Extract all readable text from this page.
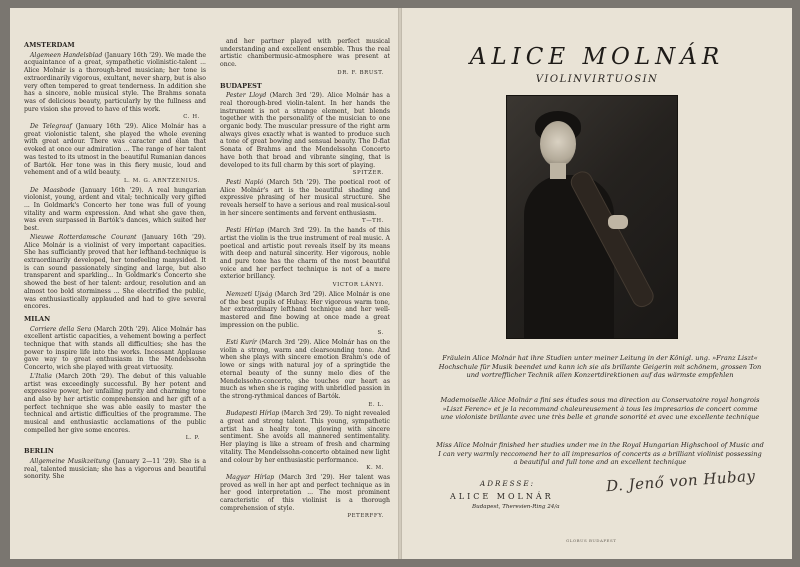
AMSTERDAM
Algemeen Handelsblad (January 16th '29). We made the acquaintance of a great, sympathetic violinistic-talent ... Alice Molnár is a thorough-bred musician; her tone is extraordinarily vigorous, exultant, never sharp, but is also very often tempered to great tenderness. In addition she has a sincere, noble musical style. The Brahms sonata was of delicious beauty, particularly by the fullness and pure vision she proved to have of this work.
C. H.
De Telegraaf (January 16th '29). Alice Molnár has a great violonistic talent, she played the whole evening with great ardour. There was caracter and élan that evoked at once our admiration ... The range of her talent was tested to its utmost in the beautiful Rumanian dances of Bartók. Her tone was in this fiery music, loud and vehement and of a wild beauty.
L. M. G. ARNTZENIUS.
De Maasbode (January 16th '29). A real hungarian violonist, young, ardent and vital; technically very gifted ... In Goldmark's Concerto her tone was full of young vitality and warm expression. And what she gave then, was even surpassed in Bartók's dances, which suited her best.
Nieuwe Rotterdamsche Courant (January 16th '29). Alice Molnár is a violinist of very important capacities. She has sufficiantly proved that her lefthand-technique is extraordinarily developed, her tonefeeling manysided. It is can sound passionately singing and large, but also transparent and sparkling... In Goldmark's Concerto she showed the best of her talent: ardour, resolution and an almost too bold storminess ... She electrified the public, was enthusiastically applauded and had to give several encores.
MILAN
Corriere della Sera (March 20th '29). Alice Molnár has excellent artistic capacities, a vehement bowing a perfect technique that with stands all difficulties; she has the power to inspire life into the works. Incessant Applause gave way to great enthusiasm in the Mendelssohn Concerto, wich she played with great virtuosity.
L'Italia (March 20th '29). The debut of this valuable artist was exceedingly successful. By her potent and expressive power, her unfailing purity and charming tone and also by her artistic comprehension and her gift of a perfect technique she was able easily to master the technical and artistic difficulties of the programme. The musical and enthusiastic acclamations of the public compelled her give some encores.
L. P.
BERLIN
Allgemeine Musikzeitung (January 2—11 '29). She is a real, talented musician; she has a vigorous and beautiful sonority. She
and her partner played with perfect musical understanding and excellent ensemble. Thus the real artistic chambermusic-atmosphere was present at once.
DR. F. BRUST.
BUDAPEST
Pester Lloyd (March 3rd '29). Alice Molnár has a real thorough-bred violin-talent. In her hands the instrument is not a strange element, but blends together with the personality of the musician to one organic body. The muscular pressure of the right arm always gives exactly what is wanted to produce such a tone of great bowing and sensual beauty. The D-flat Sonata of Brahms and the Mendelssohn Concerto have both that broad and vibrante singing, that is developed to its full charm by this sort of playing.
SPITZER.
Pesti Napló (March 5th '29). The poetical root of Alice Molnár's art is the beautiful shading and expressive phrasing of her musical structure. She reveals herself to have a serious and real musical-soul in her sincere sentiments and fervent enthusiasm.
T—TH.
Pesti Hírlap (March 3rd '29). In the hands of this artist the violin is the true instrument of real music. A poetical and artistic pout reveals itself by its means with deep and natural sincerity. Her vigorous, noble and pure tone has the charm of the most beautiful voice and her perfect technique is not of a mere exterior brillancy.
VICTOR LÁNYI.
Nemzeti Ujság (March 3rd '29). Alice Molnár is one of the best pupils of Hubay. Her vigorous warm tone, her extraordinary lefthand technique and her well-mastered and fine bowing at once made a great impression on the public.
S.
Esti Kurír (March 3rd '29). Alice Molnár has on the violin a strong, warm and clearsounding tone. And when she plays with sincere emotion Brahm's ode of lowe or sings with natural joy of a springtide the eternal beauty of the sunny melo dies of the Mendelssohn-concerto, she touches our heart as much as when she is raging with unbridled passion in the strong-rythmical dances of Bartók.
E. L.
Budapesti Hírlap (March 3rd '29). To night revealed a great and strong talent. This young, sympathetic artist has a healty tone, glowing with sincere sentiment. She avoids all mannered sentimentality. Her playing is like a stream of fresh and charming vitality. The Mendelssohn-concerto obtained new light and colour by her enthusiastic performance.
K. M.
Magyar Hírlap (March 3rd '29). Her talent was proved as well in her apt and perfect technique as in her good interpretation ... The most prominent caracteristic of this violinist is a thorough comprehension of style.
PETERFFY.
ALICE MOLNÁR
VIOLINVIRTUOSIN
Fräulein Alice Molnár hat ihre Studien unter meiner Leitung in der Königl. ung. »Franz Liszt« Hochschule für Musik beendet und kann ich sie als brillante Geigerin mit schönem, grossen Ton und vortrefflicher Technik allen Konzertdirektionen auf das wärmste empfehlen
Mademoiselle Alice Molnár a fini ses études sous ma direction au Conservatoire royal hongrois »Liszt Ferenc« et je la recommand chaleureusement à tous les impresarios de concert comme une violoniste brillante avec une très belle et grande sonorité et avec une excellente technique
Miss Alice Molnár finished her studies under me in the Royal Hungarian Highschool of Music and I can very warmly reccomend her to all impresarios of concerts as a brilliant violinist possessing a beautiful and full tone and an excellent technique
ADRESSE:
ALICE MOLNÁR
Budapest, Theresien-Ring 24/a
D. Jenő von Hubay
GLOBUS BUDAPEST
